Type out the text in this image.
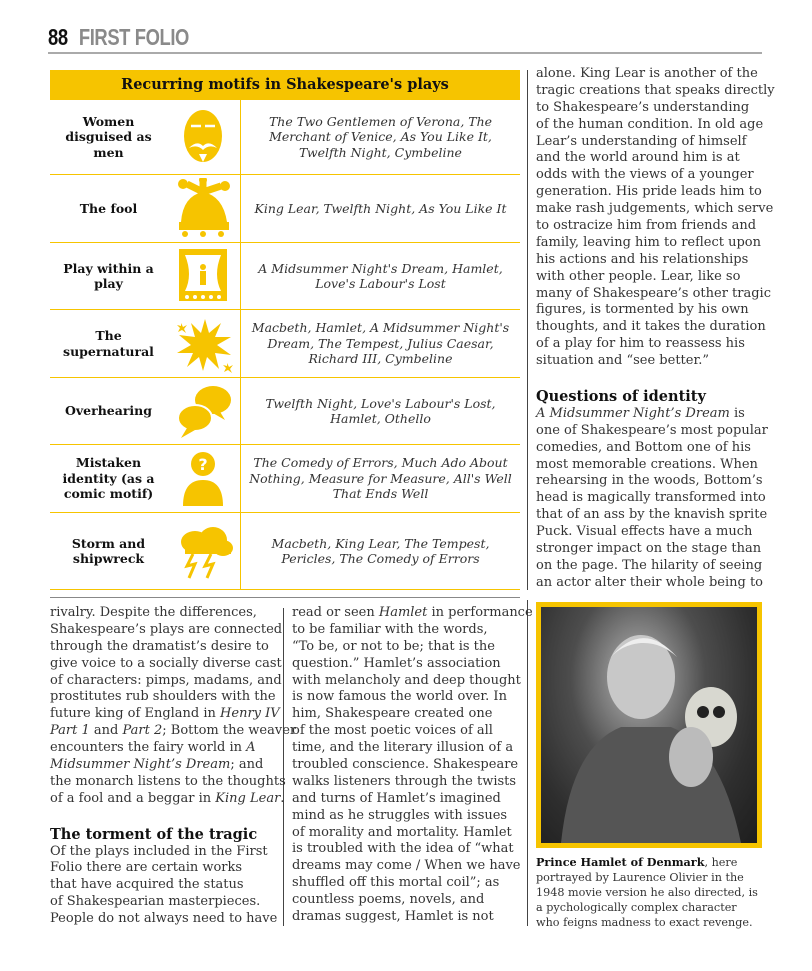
88 FIRST FOLIO
Recurring motifs in Shakespeare's plays
Women disguised as men
The Two Gentlemen of Verona, The Merchant of Venice, As You Like It, Twelfth Night, Cymbeline
The fool	King Lear, Twelfth Night, As You Like It
Play within a play
A Midsummer Night's Dream, Hamlet, Love's Labour's Lost
The supernatural
Macbeth, Hamlet, A Midsummer Night's Dream, The Tempest, Julius Caesar, Richard III, Cymbeline
Overhearing
Twelfth Night, Love's Labour's Lost, Hamlet, Othello
Mistaken identity (as a comic motif)
?	The Comedy of Errors, Much Ado About Nothing, Measure for Measure, All's Well That Ends Well
Storm and shipwreck
Macbeth, King Lear, The Tempest, Pericles, The Comedy of Errors
alone. King Lear is another of the
tragic creations that speaks directly
to Shakespeare’s understanding
of the human condition. In old age
Lear’s understanding of himself
and the world around him is at
odds with the views of a younger
generation. His pride leads him to
make rash judgements, which serve
to ostracize him from friends and
family, leaving him to reflect upon
his actions and his relationships
with other people. Lear, like so
many of Shakespeare’s other tragic
figures, is tormented by his own
thoughts, and it takes the duration
of a play for him to reassess his
situation and “see better.”
Questions of identity
A Midsummer Night’s Dream is
one of Shakespeare’s most popular
comedies, and Bottom one of his
most memorable creations. When
rehearsing in the woods, Bottom’s
head is magically transformed into
that of an ass by the knavish sprite
Puck. Visual effects have a much
stronger impact on the stage than
on the page. The hilarity of seeing
an actor alter their whole being to
rivalry. Despite the differences,
Shakespeare’s plays are connected
through the dramatist’s desire to
give voice to a socially diverse cast
of characters: pimps, madams, and
prostitutes rub shoulders with the
future king of England in Henry IV
Part 1 and Part 2; Bottom the weaver
encounters the fairy world in A
Midsummer Night’s Dream; and
the monarch listens to the thoughts
of a fool and a beggar in King Lear.
The torment of the tragic
Of the plays included in the First
Folio there are certain works
that have acquired the status
of Shakespearian masterpieces.
People do not always need to have
read or seen Hamlet in performance
to be familiar with the words,
“To be, or not to be; that is the
question.” Hamlet’s association
with melancholy and deep thought
is now famous the world over. In
him, Shakespeare created one
of the most poetic voices of all
time, and the literary illusion of a
troubled conscience. Shakespeare
walks listeners through the twists
and turns of Hamlet’s imagined
mind as he struggles with issues
of morality and mortality. Hamlet
is troubled with the idea of “what
dreams may come / When we have
shuffled off this mortal coil”; as
countless poems, novels, and
dramas suggest, Hamlet is not
Prince Hamlet of Denmark, here
portrayed by Laurence Olivier in the
1948 movie version he also directed, is
a pychologically complex character
who feigns madness to exact revenge.
